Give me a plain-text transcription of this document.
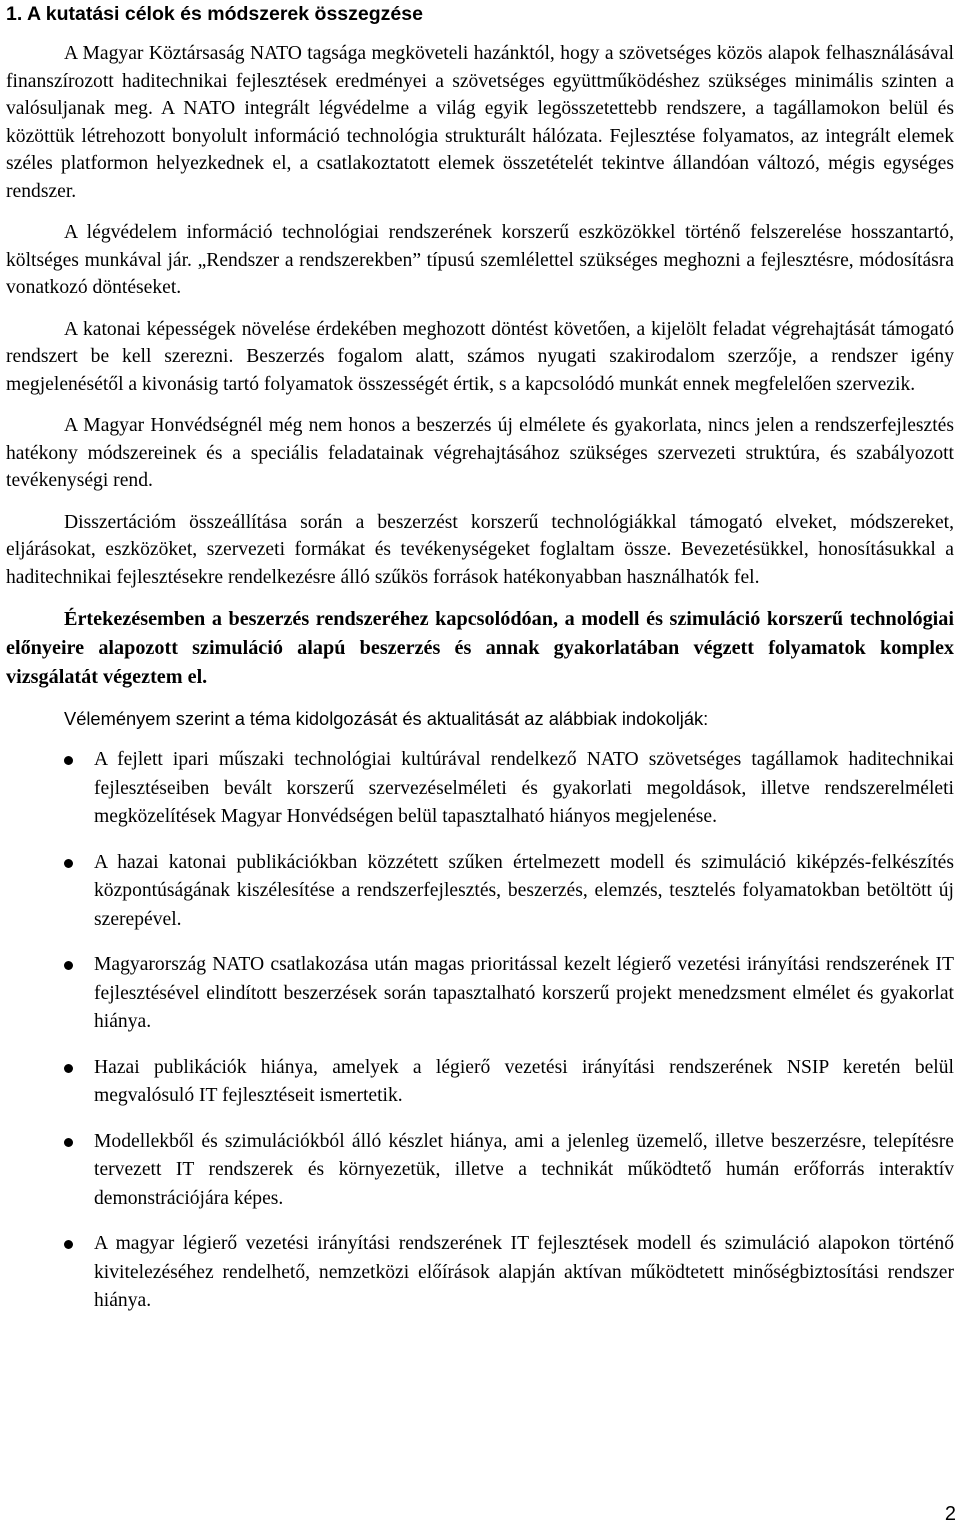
1. A kutatási célok és módszerek összegzése

A Magyar Köztársaság NATO tagsága megköveteli hazánktól, hogy a szövetséges közös alapok felhasználásával finanszírozott haditechnikai fejlesztések eredményei a szövetséges együttműködéshez szükséges minimális szinten a valósuljanak meg. A NATO integrált légvédelme a világ egyik legösszetettebb rendszere, a tagállamokon belül és közöttük létrehozott bonyolult információ technológia strukturált hálózata. Fejlesztése folyamatos, az integrált elemek széles platformon helyezkednek el, a csatlakoztatott elemek összetételét tekintve állandóan változó, mégis egységes rendszer.

A légvédelem információ technológiai rendszerének korszerű eszközökkel történő felszerelése hosszantartó, költséges munkával jár. „Rendszer a rendszerekben” típusú szemlélettel szükséges meghozni a fejlesztésre, módosításra vonatkozó döntéseket.

A katonai képességek növelése érdekében meghozott döntést követően, a kijelölt feladat végrehajtását támogató rendszert be kell szerezni. Beszerzés fogalom alatt, számos nyugati szakirodalom szerzője, a rendszer igény megjelenésétől a kivonásig tartó folyamatok összességét értik, s a kapcsolódó munkát ennek megfelelően szervezik.

A Magyar Honvédségnél még nem honos a beszerzés új elmélete és gyakorlata, nincs jelen a rendszerfejlesztés hatékony módszereinek és a speciális feladatainak végrehajtásához szükséges szervezeti struktúra, és szabályozott tevékenységi rend.

Disszertációm összeállítása során a beszerzést korszerű technológiákkal támogató elveket, módszereket, eljárásokat, eszközöket, szervezeti formákat és tevékenységeket foglaltam össze. Bevezetésükkel, honosításukkal a haditechnikai fejlesztésekre rendelkezésre álló szűkös források hatékonyabban használhatók fel.

Értekezésemben a beszerzés rendszeréhez kapcsolódóan, a modell és szimuláció korszerű technológiai előnyeire alapozott szimuláció alapú beszerzés és annak gyakorlatában végzett folyamatok komplex vizsgálatát végeztem el.

Véleményem szerint a téma kidolgozását és aktualitását az alábbiak indokolják:

A fejlett ipari műszaki technológiai kultúrával rendelkező NATO szövetséges tagállamok haditechnikai fejlesztéseiben bevált korszerű szervezéselméleti és gyakorlati megoldások, illetve rendszerelméleti megközelítések Magyar Honvédségen belül tapasztalható hiányos megjelenése.
A hazai katonai publikációkban közzétett szűken értelmezett modell és szimuláció kiképzés-felkészítés központúságának kiszélesítése a rendszerfejlesztés, beszerzés, elemzés, tesztelés folyamatokban betöltött új szerepével.
Magyarország NATO csatlakozása után magas prioritással kezelt légierő vezetési irányítási rendszerének IT fejlesztésével elindított beszerzések során tapasztalható korszerű projekt menedzsment elmélet és gyakorlat hiánya.
Hazai publikációk hiánya, amelyek a légierő vezetési irányítási rendszerének NSIP keretén belül megvalósuló IT fejlesztéseit ismertetik.
Modellekből és szimulációkból álló készlet hiánya, ami a jelenleg üzemelő, illetve beszerzésre, telepítésre tervezett IT rendszerek és környezetük, illetve a technikát működtető humán erőforrás interaktív demonstrációjára képes.
A magyar légierő vezetési irányítási rendszerének IT fejlesztések modell és szimuláció alapokon történő kivitelezéséhez rendelhető, nemzetközi előírások alapján aktívan működtetett minőségbiztosítási rendszer hiánya.
2
